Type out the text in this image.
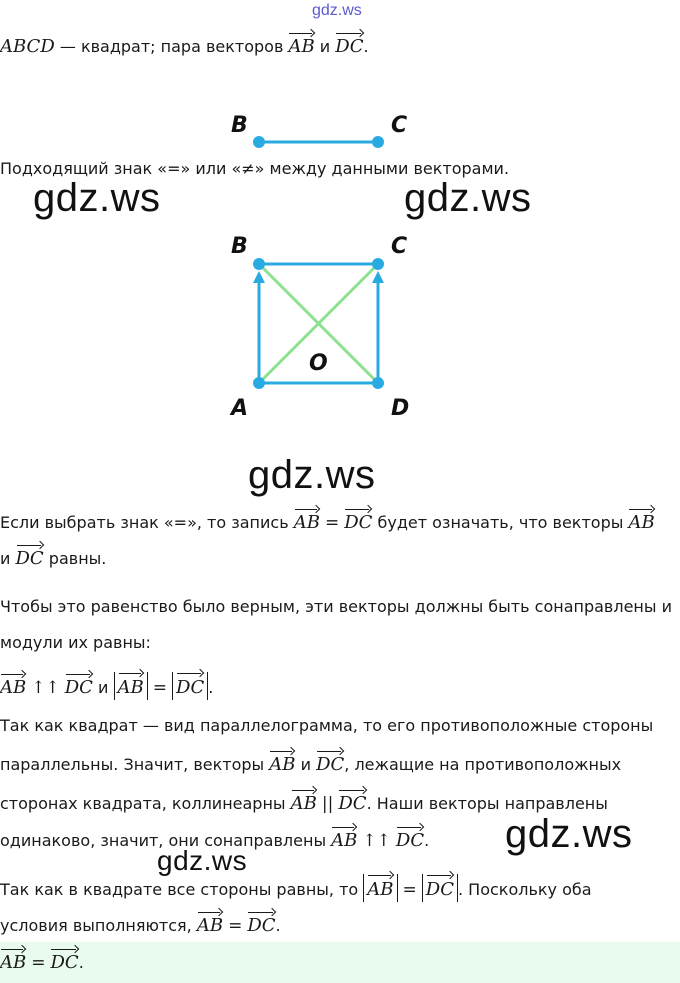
gdz.ws
ABCD — квадрат; пара векторов AB и DC.
B	C
Подходящий знак «=» или «≠» между данными векторами.
gdz.ws	gdz.ws
B	C
A	D
O
gdz.ws
Если выбрать знак «=», то запись AB = DC будет означать, что векторы AB
и DC равны.
Чтобы это равенство было верным, эти векторы должны быть сонаправлены и
модули их равны:
AB ↑↑ DC и AB = DC .
Так как квадрат — вид параллелограмма, то его противоположные стороны
параллельны. Значит, векторы AB и DC, лежащие на противоположных
сторонах квадрата, коллинеарны AB || DC. Наши векторы направлены
одинаково, значит, они сонаправлены AB ↑↑ DC. gdz.ws
gdz.ws
Так как в квадрате все стороны равны, то AB = DC . Поскольку оба
условия выполняются, AB = DC.
AB = DC.
